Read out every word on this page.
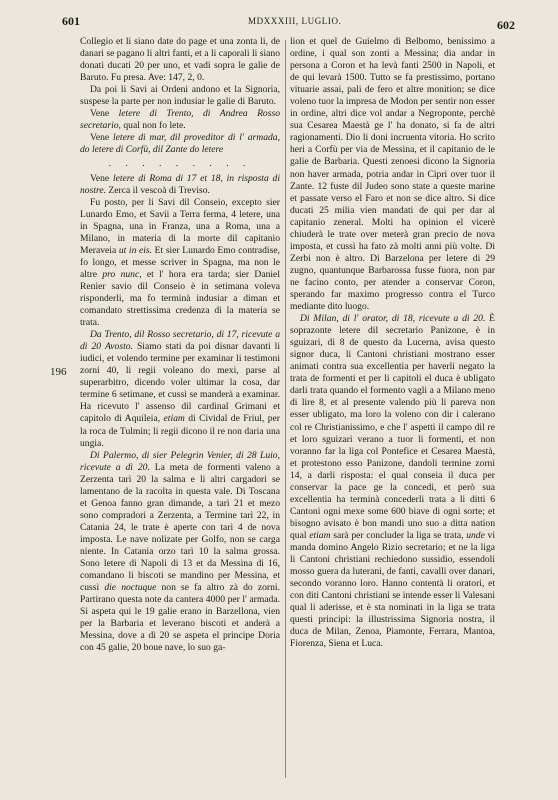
601	MDXXXIII, LUGLIO.	602
196

Collegio et li siano date do page et una zonta li, de danari se pagano li altri fanti, et a li caporali li siano donati ducati 20 per uno, et vadi sopra le galie de Baruto. Fu presa. Ave: 147, 2, 0.

Da poi li Savi ai Ordeni andono et la Signoria, suspese la parte per non indusiar le galie di Baruto.

Vene letere di Trento, di Andrea Rosso secretario, qual non fo lete.

Vene letere di mar, dil proveditor di l' armada, do letere di Corfù, dil Zante do letere

. . . . . . . . .

Vene letere di Roma di 17 et 18, in risposta di nostre. Zerca il vescoà di Treviso.

Fu posto, per li Savi dil Conseio, excepto sier Lunardo Emo, et Savii a Terra ferma, 4 letere, una in Spagna, una in Franza, una a Roma, una a Milano, in materia di la morte dil capitanio Meraveia ut in eis. Et sier Lunardo Emo contradise, fo longo, et messe scriver in Spagna, ma non le altre pro nunc, et l' hora era tarda; sier Daniel Renier savio dil Conseio è in setimana voleva risponderli, ma fo terminà indusiar a diman et comandato strettissima credenza di la materia se trata.

Da Trento, dil Rosso secretario, di 17, ricevute a dì 20 Avosto. Siamo stati da poi disnar davanti li iudici, et volendo termine per examinar li testimoni zorni 40, li regii voleano do mexi, parse al superarbitro, dicendo voler ultimar la cosa, dar termine 6 setimane, et cussì se manderà a examinar. Ha ricevuto l' assenso dil cardinal Grimani et capitolo di Aquileia, etiam di Cividal de Friul, per la roca de Tulmin; li regii dicono il re non daria una ungia.

Di Palermo, di sier Pelegrin Venier, di 28 Luio, ricevute a dì 20. La meta de formenti valeno a Zerzenta tarì 20 la salma e li altri cargadori se lamentano de la racolta in questa vale. Di Toscana et Genoa fanno gran dimande, a tarì 21 et mezo sono compradori a Zerzenta, a Termine tarì 22, in Catania 24, le trate è aperte con tarì 4 de nova imposta. Le nave nolizate per Golfo, non se carga niente. In Catania orzo tarì 10 la salma grossa. Sono letere di Napoli di 13 et da Messina di 16, comandano li biscoti se mandino per Messina, et cussì die noctuque non se fa altro zà do zorni. Partirano questa note da cantera 4000 per l' armada. Si aspeta qui le 19 galie erano in Barzellona, vien per la Barbaria et leverano biscoti et anderà a Messina, dove a dì 20 se aspeta el principe Doria con 45 galie, 20 boue nave, lo suo ga-

lion et quel de Guielmo di Belbomo, benissimo a ordine, i qual son zonti a Messina; dia andar in persona a Coron et ha levà fanti 2500 in Napoli, et de qui levarà 1500. Tutto se fa prestissimo, portano vituarie assai, pali de fero et altre monition; se dice voleno tuor la impresa de Modon per sentir non esser in ordine, altri dice vol andar a Negroponte, perchè sua Cesarea Maestà ge l' ha donato, si fa de altri ragionamenti. Dio li doni incruenta vitoria. Ho scrito heri a Corfù per via de Messina, et il capitanio de le galie de Barbaria. Questi zenoesi dicono la Signoria non haver armada, potria andar in Cipri over tuor il Zante. 12 fuste dil Judeo sono state a queste marine et passate verso el Faro et non se dice altro. Si dice ducati 25 milia vien mandati de qui per dar al capitanio zeneral. Molti ha opinion el vicerè chiuderà le trate over meterà gran precio de nova imposta, et cussì ha fato zà molti anni più volte. Di Zerbi non è altro. Di Barzelona per letere di 29 zugno, quantunque Barbarossa fusse fuora, non par ne facino conto, per atender a conservar Coron, sperando far maximo progresso contra el Turco mediante dito luogo.

Di Milan, di l' orator, di 18, ricevute a dì 20. È soprazonte letere dil secretario Panizone, è in sguizari, di 8 de questo da Lucerna, avisa questo signor duca, li Cantoni christiani mostrano esser animati contra sua excellentia per haverli negato la trata de formenti et per li capitoli el duca è ubligato darli trata quando el formento vagli a a Milano meno di lire 8, et al presente valendo più li pareva non esser ubligato, ma loro la voleno con dir i calerano col re Christianissimo, e che l' aspetti il campo dil re et loro sguizari verano a tuor li formenti, et non voranno far la liga col Pontefice et Cesarea Maestà, et protestono esso Panizone, dandoli termine zorni 14, a darli risposta: el qual conseia il duca per conservar la pace ge la concedi, et però sua excellentia ha terminà concederli trata a li ditti 6 Cantoni ogni mexe some 600 biave di ogni sorte; et bisogno avisato è bon mandi uno suo a ditta nation qual etiam sarà per concluder la liga se trata, unde vi manda domino Angelo Rizio secretario; et ne la liga li Cantoni christiani rechiedono sussidio, essendoli mosso guera da luterani, de fanti, cavalli over danari, secondo voranno loro. Hanno contentà li oratori, et con diti Cantoni christiani se intende esser li Valesani qual li aderisse, et è sta nominati in la liga se trata questi principi: la illustrissima Signoria nostra, il duca de Milan, Zenoa, Piamonte, Ferrara, Mantoa, Fiorenza, Siena et Luca.
